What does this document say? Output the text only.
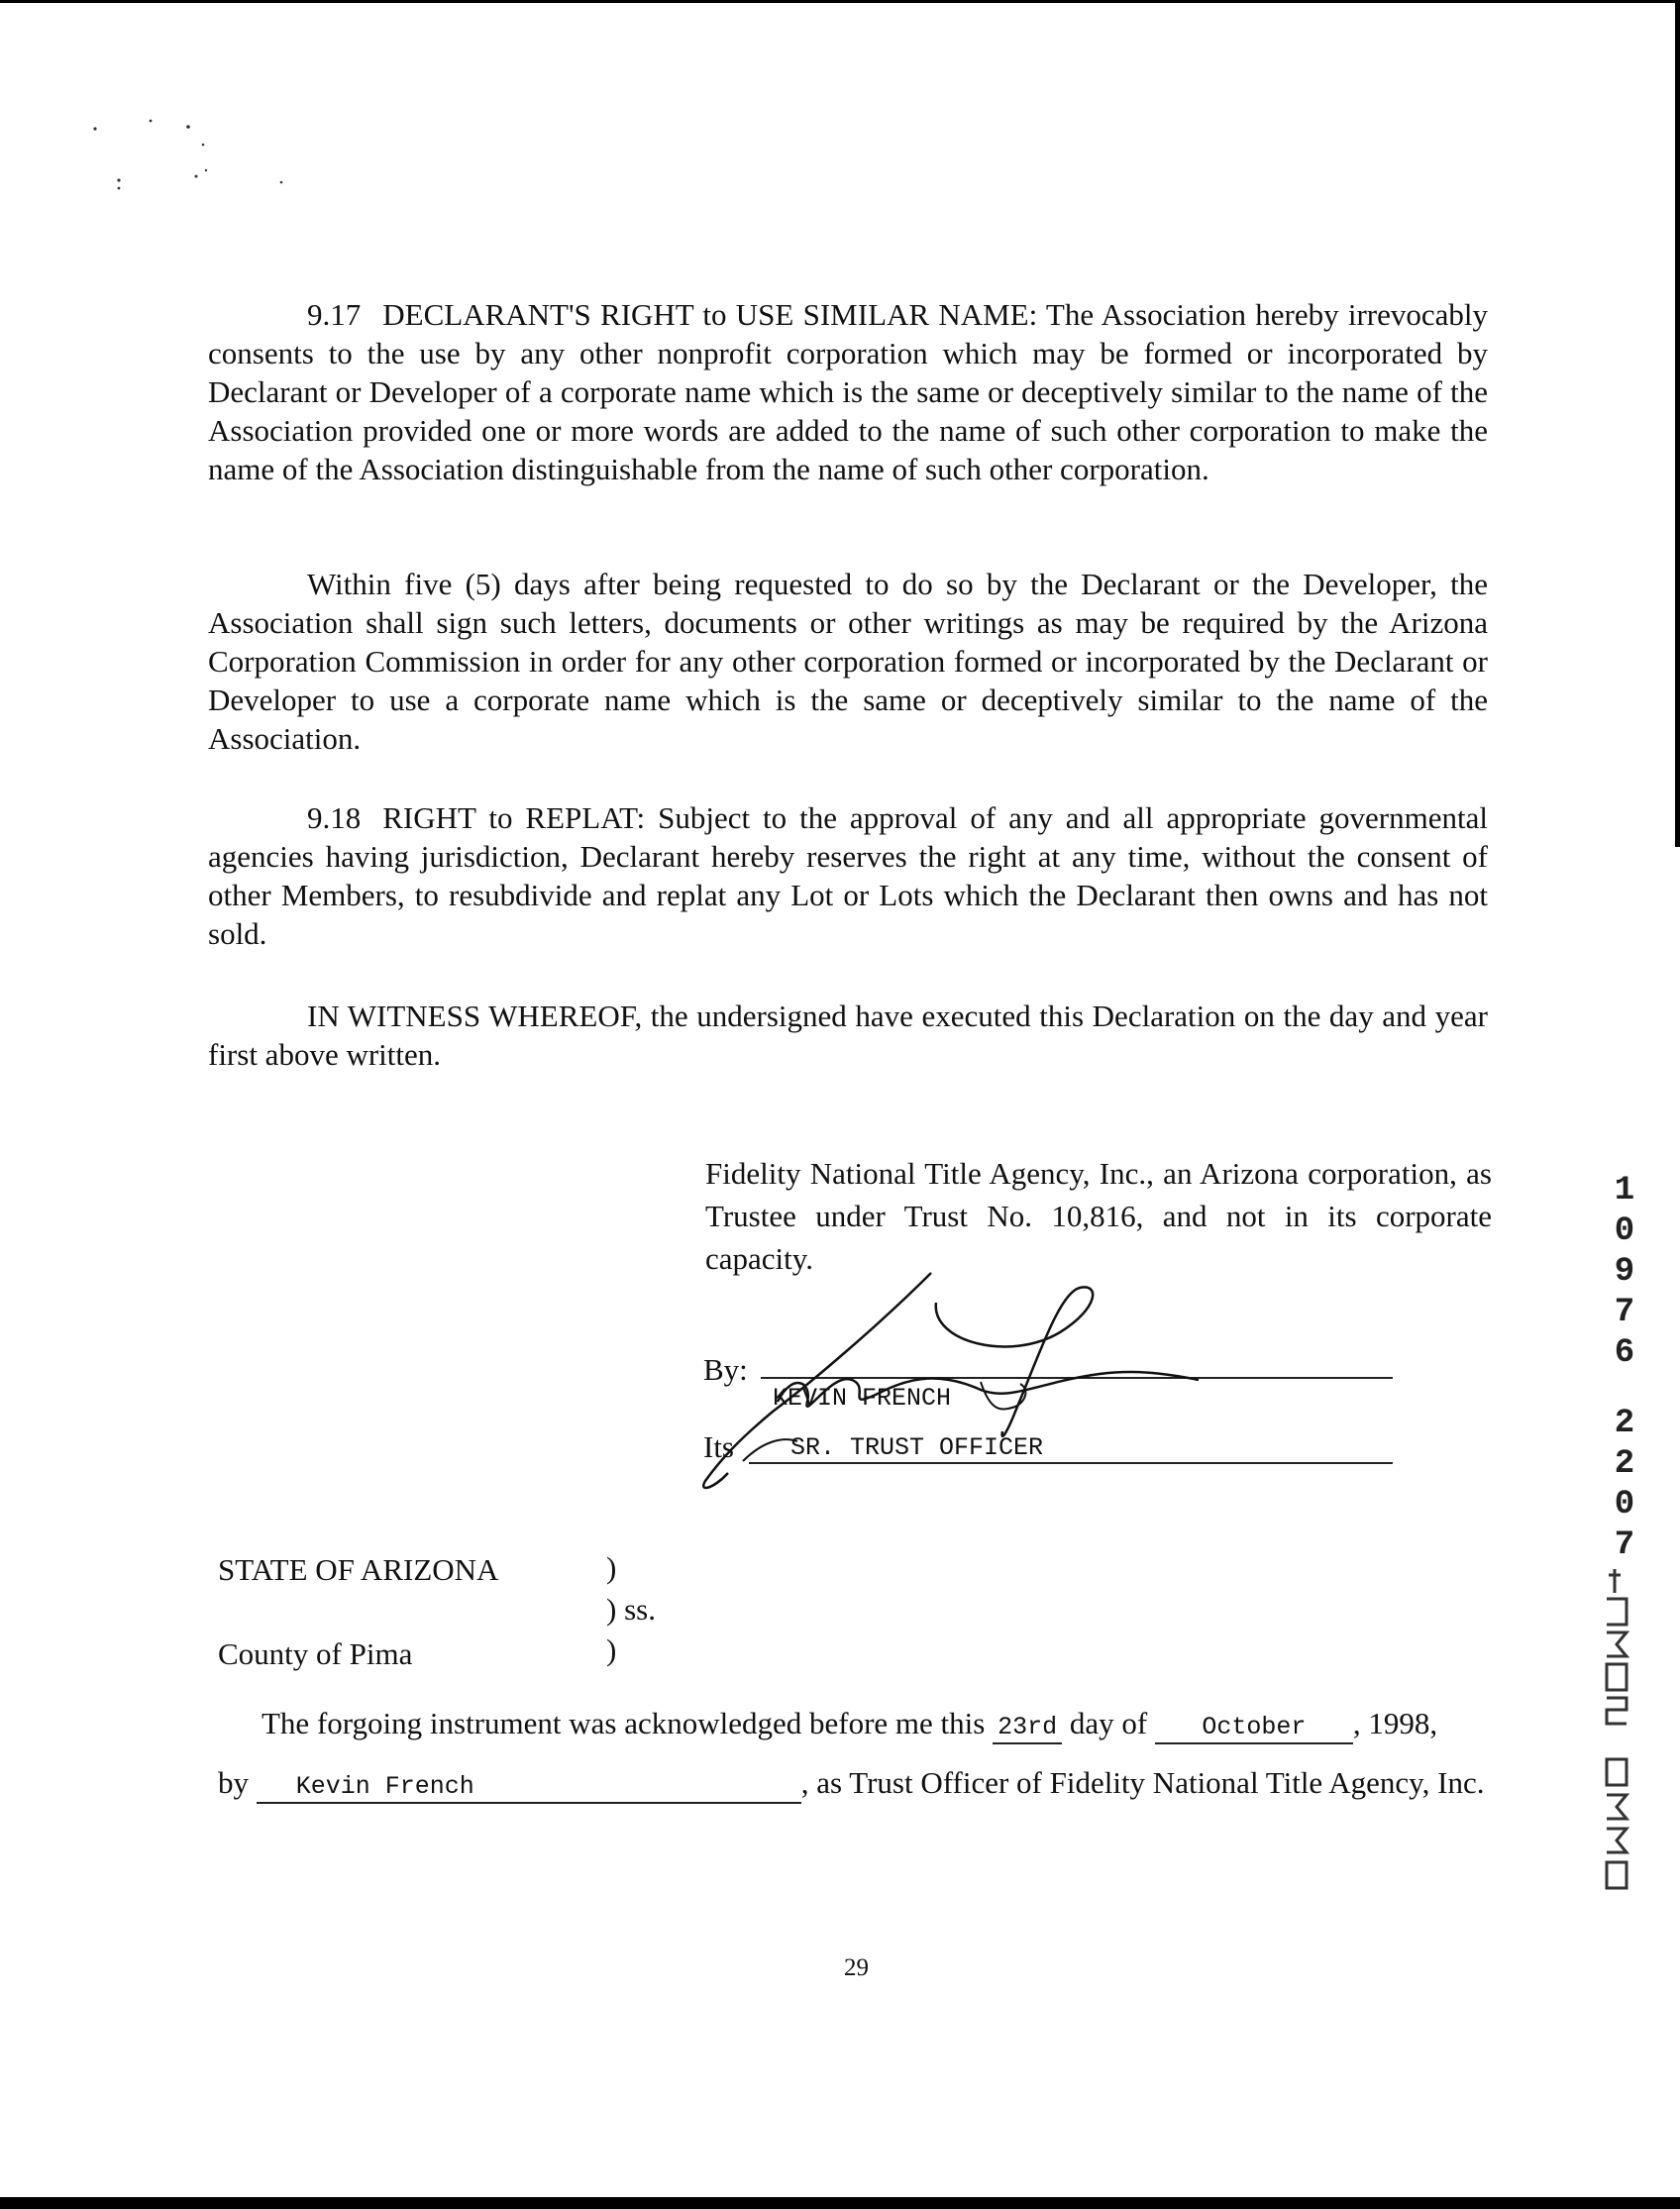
9.17 DECLARANT'S RIGHT to USE SIMILAR NAME: The Association hereby irrevocably consents to the use by any other nonprofit corporation which may be formed or incorporated by Declarant or Developer of a corporate name which is the same or deceptively similar to the name of the Association provided one or more words are added to the name of such other corporation to make the name of the Association distinguishable from the name of such other corporation.

Within five (5) days after being requested to do so by the Declarant or the Developer, the Association shall sign such letters, documents or other writings as may be required by the Arizona Corporation Commission in order for any other corporation formed or incorporated by the Declarant or Developer to use a corporate name which is the same or deceptively similar to the name of the Association.

9.18 RIGHT to REPLAT: Subject to the approval of any and all appropriate governmental agencies having jurisdiction, Declarant hereby reserves the right at any time, without the consent of other Members, to resubdivide and replat any Lot or Lots which the Declarant then owns and has not sold.

IN WITNESS WHEREOF, the undersigned have executed this Declaration on the day and year first above written.

Fidelity National Title Agency, Inc., an Arizona corporation, as Trustee under Trust No. 10,816, and not in its corporate capacity.

By:
KEVIN FRENCH
Its SR. TRUST OFFICER
STATE OF ARIZONA
County of Pima
)
) ss.
)
The forgoing instrument was acknowledged before me this 23rd day of October , 1998,
by Kevin French	, as Trust Officer of Fidelity National Title Agency, Inc.
29
1
0
9
7
6
2
2
0
7
